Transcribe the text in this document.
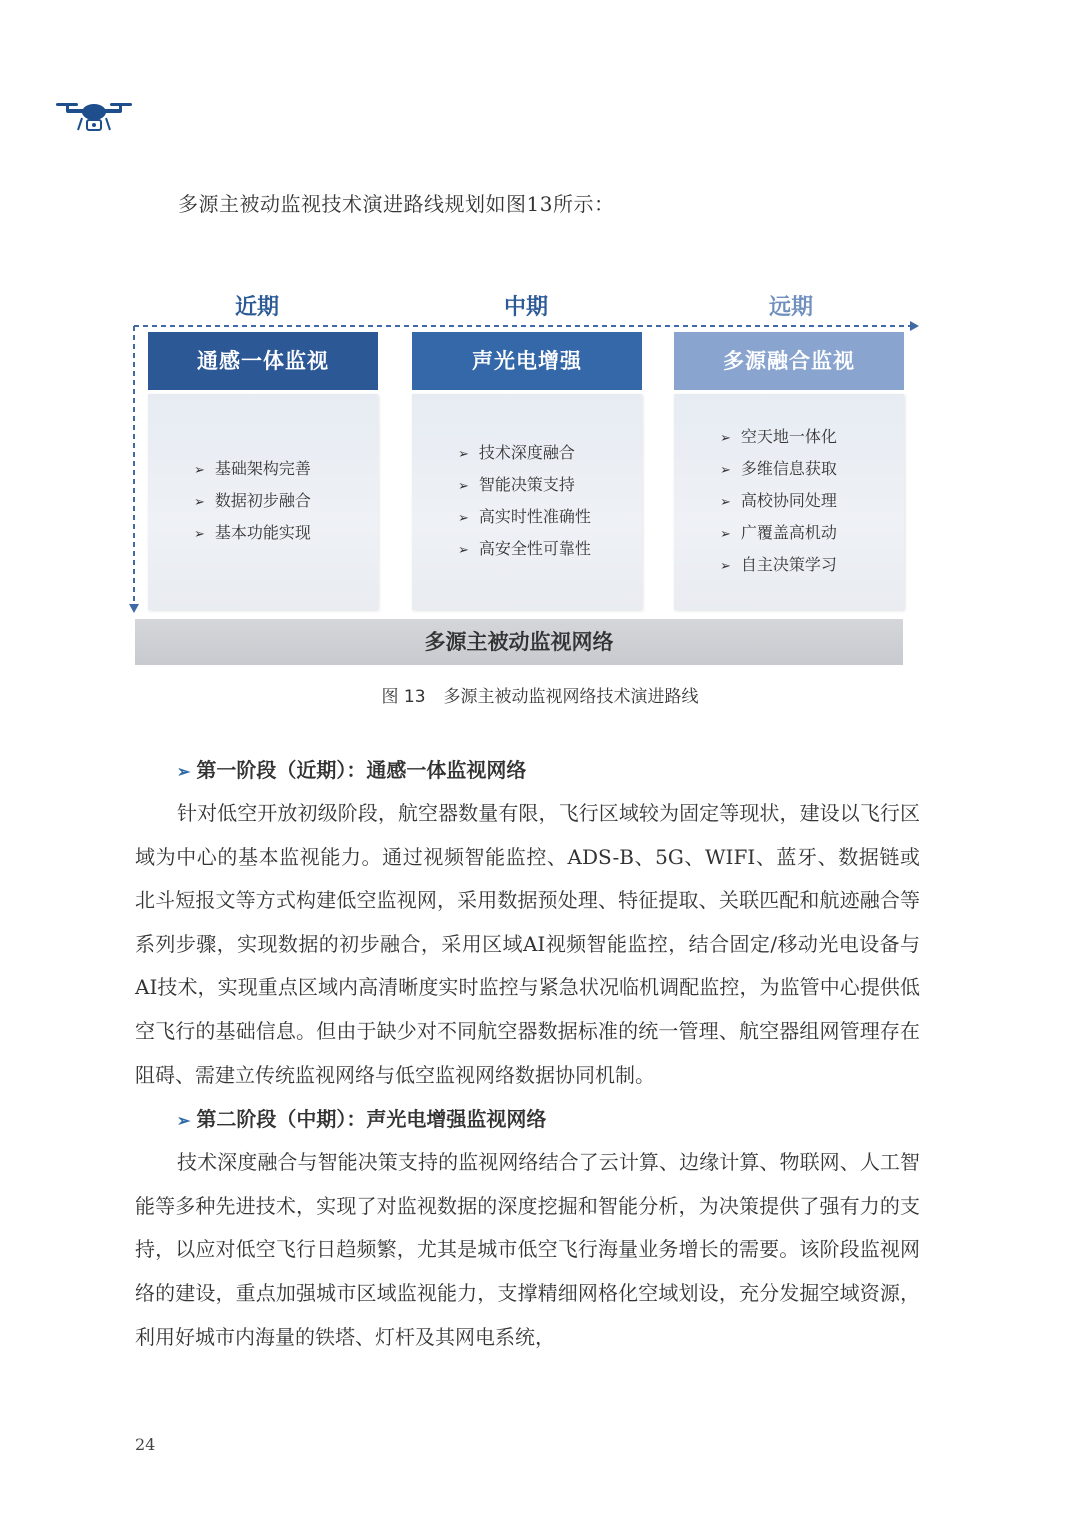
多源主被动监视技术演进路线规划如图13所示：
近期	中期	远期
通感一体监视
➢ 基础架构完善
➢ 数据初步融合
➢ 基本功能实现
声光电增强
➢ 技术深度融合
➢ 智能决策支持
➢ 高实时性准确性
➢ 高安全性可靠性
多源融合监视
➢ 空天地一体化
➢ 多维信息获取
➢ 高校协同处理
➢ 广覆盖高机动
➢ 自主决策学习
多源主被动监视网络
图 13 多源主被动监视网络技术演进路线
➢ 第一阶段（近期）：通感一体监视网络

针对低空开放初级阶段，航空器数量有限，飞行区域较为固定等现状，建设以飞行区域为中心的基本监视能力。通过视频智能监控、ADS-B、5G、WIFI、蓝牙、数据链或北斗短报文等方式构建低空监视网，采用数据预处理、特征提取、关联匹配和航迹融合等系列步骤，实现数据的初步融合，采用区域AI视频智能监控，结合固定/移动光电设备与AI技术，实现重点区域内高清晰度实时监控与紧急状况临机调配监控，为监管中心提供低空飞行的基础信息。但由于缺少对不同航空器数据标准的统一管理、航空器组网管理存在阻碍、需建立传统监视网络与低空监视网络数据协同机制。

➢ 第二阶段（中期）：声光电增强监视网络

技术深度融合与智能决策支持的监视网络结合了云计算、边缘计算、物联网、人工智能等多种先进技术，实现了对监视数据的深度挖掘和智能分析，为决策提供了强有力的支持，以应对低空飞行日趋频繁，尤其是城市低空飞行海量业务增长的需要。该阶段监视网络的建设，重点加强城市区域监视能力，支撑精细网格化空域划设，充分发掘空域资源，利用好城市内海量的铁塔、灯杆及其网电系统，

24
